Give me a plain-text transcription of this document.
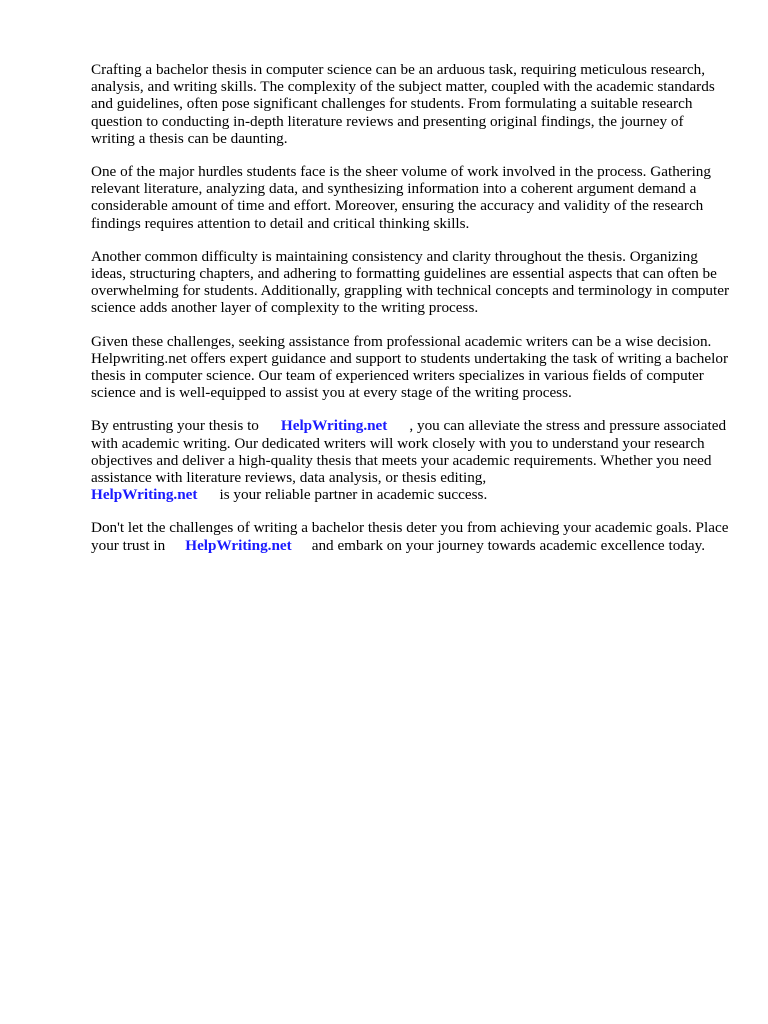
Crafting a bachelor thesis in computer science can be an arduous task, requiring meticulous research, analysis, and writing skills. The complexity of the subject matter, coupled with the academic standards and guidelines, often pose significant challenges for students. From formulating a suitable research question to conducting in-depth literature reviews and presenting original findings, the journey of writing a thesis can be daunting.

One of the major hurdles students face is the sheer volume of work involved in the process. Gathering relevant literature, analyzing data, and synthesizing information into a coherent argument demand a considerable amount of time and effort. Moreover, ensuring the accuracy and validity of the research findings requires attention to detail and critical thinking skills.

Another common difficulty is maintaining consistency and clarity throughout the thesis. Organizing ideas, structuring chapters, and adhering to formatting guidelines are essential aspects that can often be overwhelming for students. Additionally, grappling with technical concepts and terminology in computer science adds another layer of complexity to the writing process.

Given these challenges, seeking assistance from professional academic writers can be a wise decision. Helpwriting.net offers expert guidance and support to students undertaking the task of writing a bachelor thesis in computer science. Our team of experienced writers specializes in various fields of computer science and is well-equipped to assist you at every stage of the writing process.

By entrusting your thesis to HelpWriting.net , you can alleviate the stress and pressure associated with academic writing. Our dedicated writers will work closely with you to understand your research objectives and deliver a high-quality thesis that meets your academic requirements. Whether you need assistance with literature reviews, data analysis, or thesis editing,
HelpWriting.net is your reliable partner in academic success.

Don't let the challenges of writing a bachelor thesis deter you from achieving your academic goals. Place your trust in HelpWriting.net and embark on your journey towards academic excellence today.
